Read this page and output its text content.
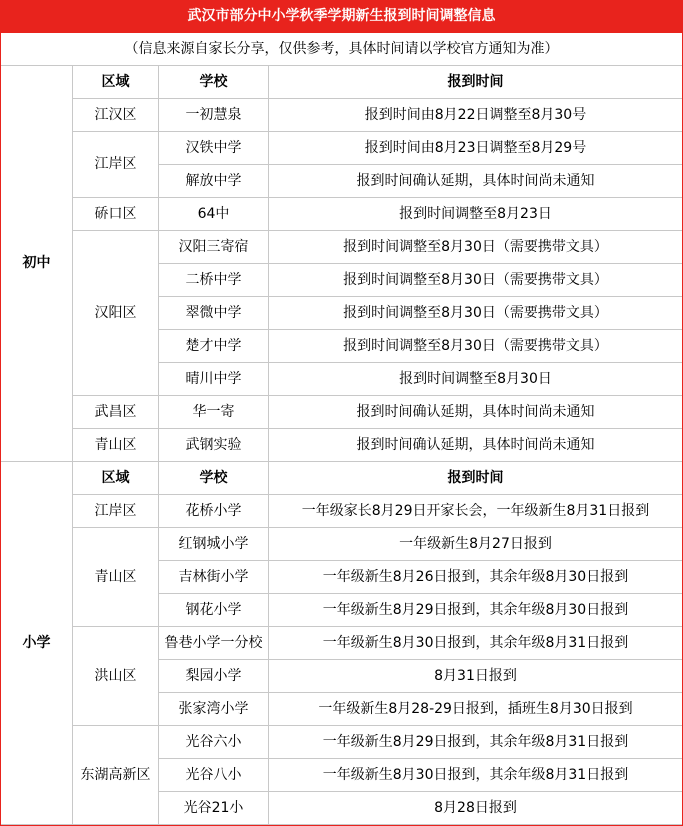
武汉市部分中小学秋季学期新生报到时间调整信息			
（信息来源自家长分享，仅供参考，具体时间请以学校官方通知为准）			
初中	区域	学校	报到时间
	江汉区	一初慧泉	报到时间由8月22日调整至8月30号
	江岸区	汉铁中学	报到时间由8月23日调整至8月29号
		解放中学	报到时间确认延期，具体时间尚未通知
	硚口区	64中	报到时间调整至8月23日
	汉阳区	汉阳三寄宿	报到时间调整至8月30日（需要携带文具）
		二桥中学	报到时间调整至8月30日（需要携带文具）
		翠微中学	报到时间调整至8月30日（需要携带文具）
		楚才中学	报到时间调整至8月30日（需要携带文具）
		晴川中学	报到时间调整至8月30日
	武昌区	华一寄	报到时间确认延期，具体时间尚未通知
	青山区	武钢实验	报到时间确认延期，具体时间尚未通知
小学	区域	学校	报到时间
	江岸区	花桥小学	一年级家长8月29日开家长会，一年级新生8月31日报到
	青山区	红钢城小学	一年级新生8月27日报到
		吉林街小学	一年级新生8月26日报到，其余年级8月30日报到
		钢花小学	一年级新生8月29日报到，其余年级8月30日报到
	洪山区	鲁巷小学一分校	一年级新生8月30日报到，其余年级8月31日报到
		梨园小学	8月31日报到
		张家湾小学	一年级新生8月28-29日报到，插班生8月30日报到
	东湖高新区	光谷六小	一年级新生8月29日报到，其余年级8月31日报到
		光谷八小	一年级新生8月30日报到，其余年级8月31日报到
		光谷21小	8月28日报到
